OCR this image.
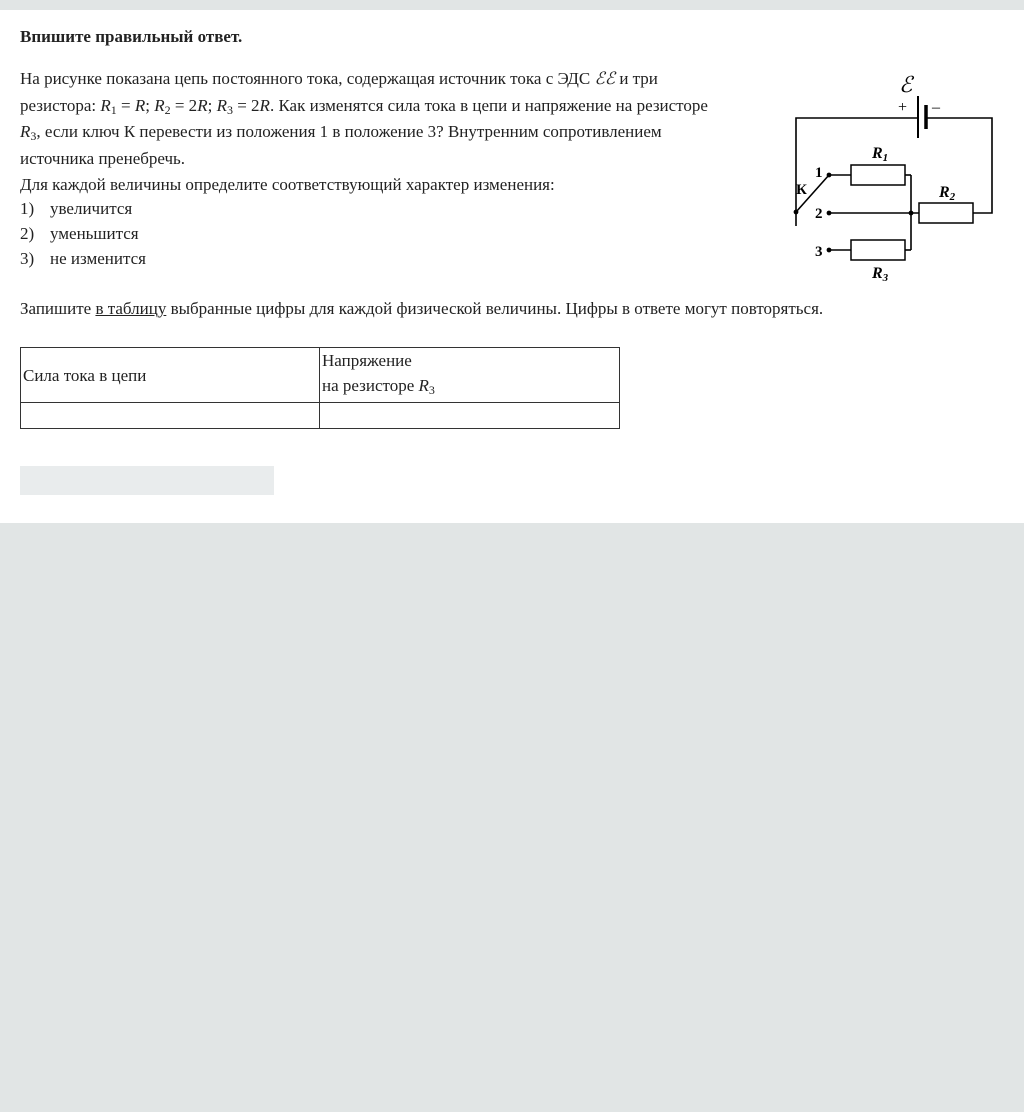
Впишите правильный ответ.
На рисунке показана цепь постоянного тока, содержащая источник тока с ЭДС ℰℰ и три
резистора: $R_1 = R$; $R_2 = 2R$; $R_3 = 2R$. Как изменятся сила тока в цепи и напряжение на резисторе
$R_3$, если ключ К перевести из положения 1 в положение 3? Внутренним сопротивлением
источника пренебречь.
Для каждой величины определите соответствующий характер изменения:
1) увеличится
2) уменьшится
3) не изменится
Запишите в таблицу выбранные цифры для каждой физической величины. Цифры в ответе могут повторяться.
Сила тока в цепи	Напряжение
на резисторе $R_3$

ℰ
+ –
R1
R2
R3
К
1
2
3
